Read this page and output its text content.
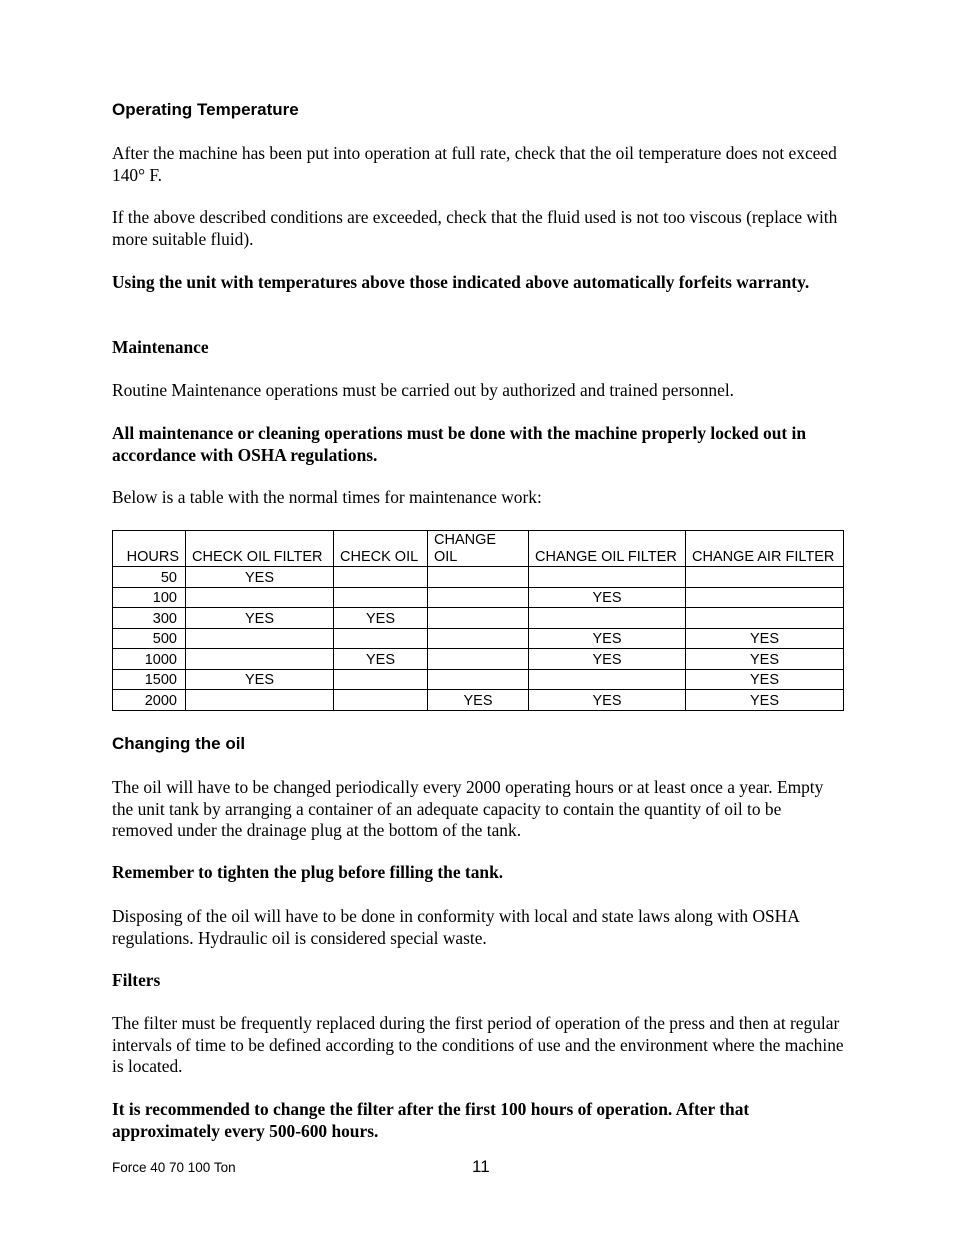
Operating Temperature

After the machine has been put into operation at full rate, check that the oil temperature does not exceed 140° F.

If the above described conditions are exceeded, check that the fluid used is not too viscous (replace with more suitable fluid).

Using the unit with temperatures above those indicated above automatically forfeits warranty.

Maintenance

Routine Maintenance operations must be carried out by authorized and trained personnel.

All maintenance or cleaning operations must be done with the machine properly locked out in accordance with OSHA regulations.

Below is a table with the normal times for maintenance work:

HOURS	CHECK OIL FILTER	CHECK OIL	CHANGE OIL	CHANGE OIL FILTER	CHANGE AIR FILTER
50	YES				
100				YES	
300	YES	YES			
500				YES	YES
1000		YES		YES	YES
1500	YES				YES
2000			YES	YES	YES
Changing the oil

The oil will have to be changed periodically every 2000 operating hours or at least once a year. Empty the unit tank by arranging a container of an adequate capacity to contain the quantity of oil to be removed under the drainage plug at the bottom of the tank.

Remember to tighten the plug before filling the tank.

Disposing of the oil will have to be done in conformity with local and state laws along with OSHA regulations. Hydraulic oil is considered special waste.

Filters

The filter must be frequently replaced during the first period of operation of the press and then at regular intervals of time to be defined according to the conditions of use and the environment where the machine is located.

It is recommended to change the filter after the first 100 hours of operation. After that approximately every 500-600 hours.

Force 40 70 100 Ton	11
